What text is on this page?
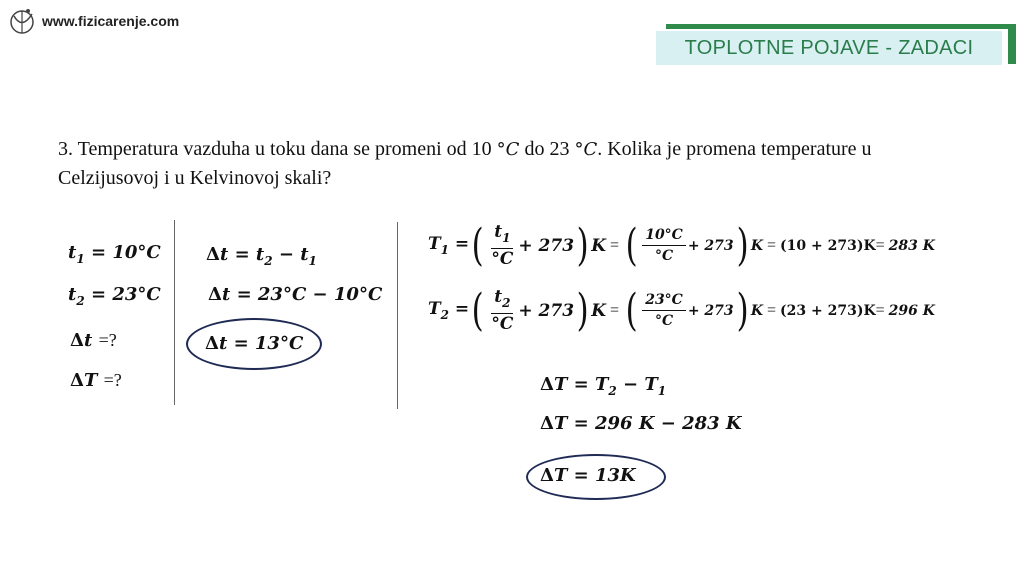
www.fizicarenje.com
TOPLOTNE POJAVE - ZADACI
3. Temperatura vazduha u toku dana se promeni od 10 °C do 23 °C. Kolika je promena temperature u Celzijusovoj i u Kelvinovoj skali?
$t_1 = 10^\circ C$
$t_2 = 23^\circ C$
Δt =?
ΔT =?
$\Delta t = t_2 - t_1$
Δt = 23°C − 10°C
Δt = 13°C
$T_1$ = ( $\frac{t_1}{^\circ C} + 273$ ) K = ( $\frac{10^\circ C}{^\circ C} + 273$ ) K = (10 + 273)K = 283 K
$T_2$ = ( $\frac{t_2}{^\circ C} + 273$ ) K = ( $\frac{23^\circ C}{^\circ C} + 273$ ) K = (23 + 273)K = 296 K
$\Delta T = T_2 - T_1$
ΔT = 296 K − 283 K
ΔT = 13K
